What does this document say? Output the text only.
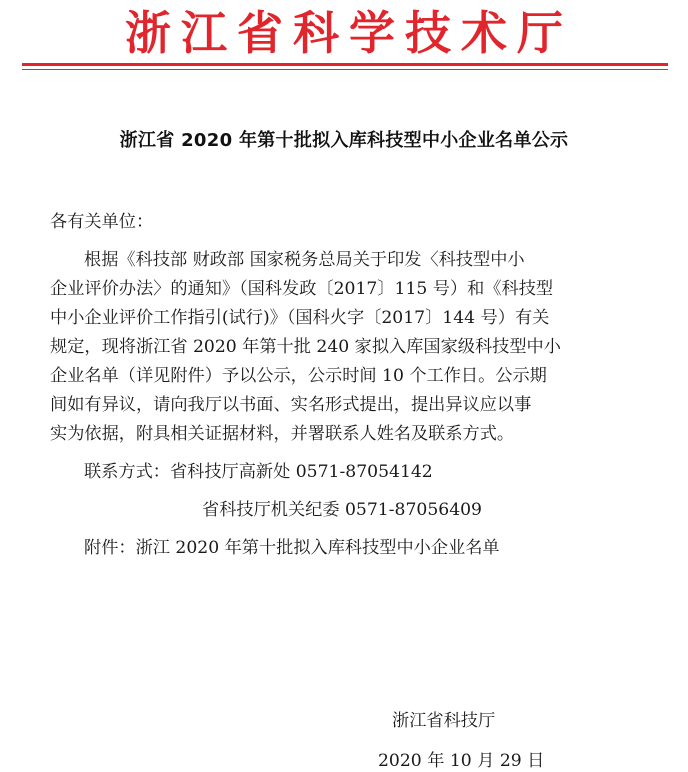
浙江省科学技术厅
浙江省 2020 年第十批拟入库科技型中小企业名单公示
各有关单位：
根据《科技部 财政部 国家税务总局关于印发〈科技型中小
企业评价办法〉的通知》（国科发政〔2017〕115 号）和《科技型
中小企业评价工作指引(试行)》（国科火字〔2017〕144 号）有关
规定，现将浙江省 2020 年第十批 240 家拟入库国家级科技型中小
企业名单（详见附件）予以公示，公示时间 10 个工作日。公示期
间如有异议，请向我厅以书面、实名形式提出，提出异议应以事
实为依据，附具相关证据材料，并署联系人姓名及联系方式。
联系方式：省科技厅高新处 0571-87054142
省科技厅机关纪委 0571-87056409
附件：浙江 2020 年第十批拟入库科技型中小企业名单
浙江省科技厅
2020 年 10 月 29 日
